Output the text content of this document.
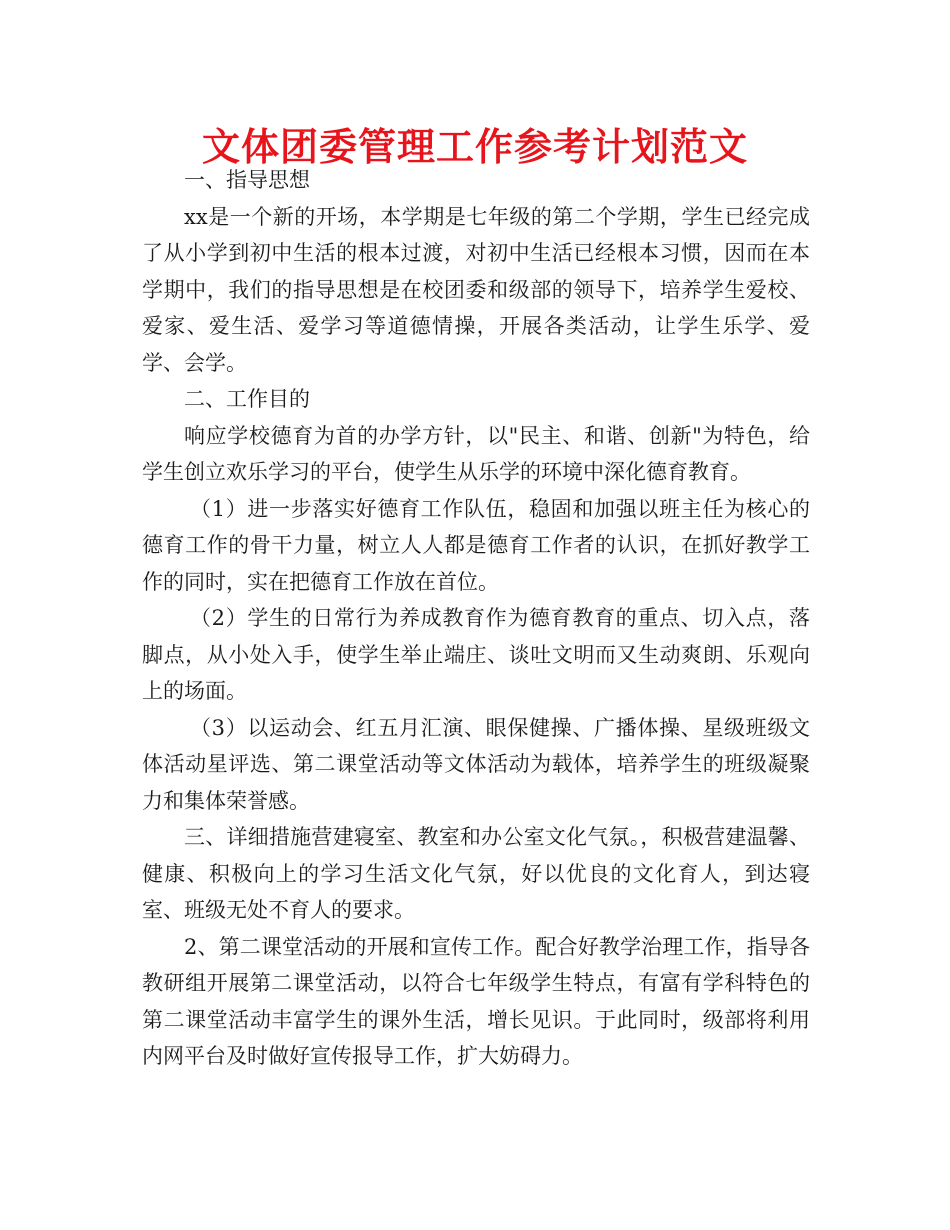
文体团委管理工作参考计划范文

一、指导思想

xx是一个新的开场，本学期是七年级的第二个学期，学生已经完成了从小学到初中生活的根本过渡，对初中生活已经根本习惯，因而在本学期中，我们的指导思想是在校团委和级部的领导下，培养学生爱校、爱家、爱生活、爱学习等道德情操，开展各类活动，让学生乐学、爱学、会学。

二、工作目的

响应学校德育为首的办学方针，以"民主、和谐、创新"为特色，给学生创立欢乐学习的平台，使学生从乐学的环境中深化德育教育。

（1）进一步落实好德育工作队伍，稳固和加强以班主任为核心的德育工作的骨干力量，树立人人都是德育工作者的认识，在抓好教学工作的同时，实在把德育工作放在首位。

（2）学生的日常行为养成教育作为德育教育的重点、切入点，落脚点，从小处入手，使学生举止端庄、谈吐文明而又生动爽朗、乐观向上的场面。

（3）以运动会、红五月汇演、眼保健操、广播体操、星级班级文体活动星评选、第二课堂活动等文体活动为载体，培养学生的班级凝聚力和集体荣誉感。

三、详细措施营建寝室、教室和办公室文化气氛。，积极营建温馨、健康、积极向上的学习生活文化气氛，好以优良的文化育人，到达寝室、班级无处不育人的要求。

2、第二课堂活动的开展和宣传工作。配合好教学治理工作，指导各教研组开展第二课堂活动，以符合七年级学生特点，有富有学科特色的第二课堂活动丰富学生的课外生活，增长见识。于此同时，级部将利用内网平台及时做好宣传报导工作，扩大妨碍力。
